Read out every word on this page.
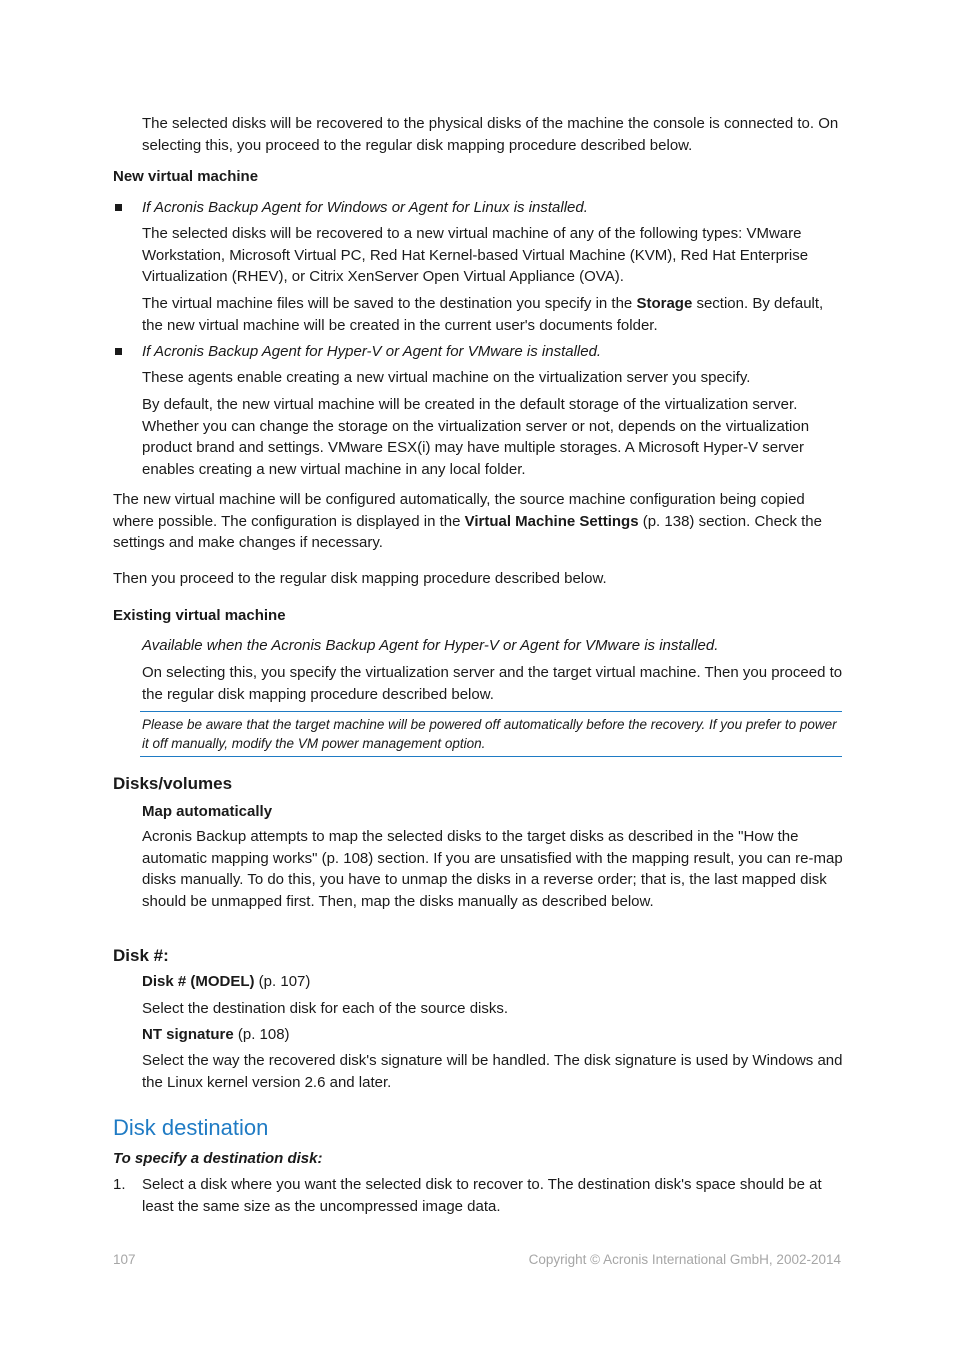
The selected disks will be recovered to the physical disks of the machine the console is connected to. On selecting this, you proceed to the regular disk mapping procedure described below.

New virtual machine

If Acronis Backup Agent for Windows or Agent for Linux is installed.

The selected disks will be recovered to a new virtual machine of any of the following types: VMware Workstation, Microsoft Virtual PC, Red Hat Kernel-based Virtual Machine (KVM), Red Hat Enterprise Virtualization (RHEV), or Citrix XenServer Open Virtual Appliance (OVA).

The virtual machine files will be saved to the destination you specify in the Storage section. By default, the new virtual machine will be created in the current user's documents folder.

If Acronis Backup Agent for Hyper-V or Agent for VMware is installed.

These agents enable creating a new virtual machine on the virtualization server you specify.

By default, the new virtual machine will be created in the default storage of the virtualization server. Whether you can change the storage on the virtualization server or not, depends on the virtualization product brand and settings. VMware ESX(i) may have multiple storages. A Microsoft Hyper-V server enables creating a new virtual machine in any local folder.

The new virtual machine will be configured automatically, the source machine configuration being copied where possible. The configuration is displayed in the Virtual Machine Settings (p. 138) section. Check the settings and make changes if necessary.

Then you proceed to the regular disk mapping procedure described below.

Existing virtual machine

Available when the Acronis Backup Agent for Hyper-V or Agent for VMware is installed.

On selecting this, you specify the virtualization server and the target virtual machine. Then you proceed to the regular disk mapping procedure described below.

Please be aware that the target machine will be powered off automatically before the recovery. If you prefer to power it off manually, modify the VM power management option.

Disks/volumes

Map automatically

Acronis Backup attempts to map the selected disks to the target disks as described in the "How the automatic mapping works" (p. 108) section. If you are unsatisfied with the mapping result, you can re-map disks manually. To do this, you have to unmap the disks in a reverse order; that is, the last mapped disk should be unmapped first. Then, map the disks manually as described below.

Disk #:

Disk # (MODEL) (p. 107)

Select the destination disk for each of the source disks.

NT signature (p. 108)

Select the way the recovered disk's signature will be handled. The disk signature is used by Windows and the Linux kernel version 2.6 and later.

Disk destination

To specify a destination disk:

1. Select a disk where you want the selected disk to recover to. The destination disk's space should be at least the same size as the uncompressed image data.

107	Copyright © Acronis International GmbH, 2002-2014
